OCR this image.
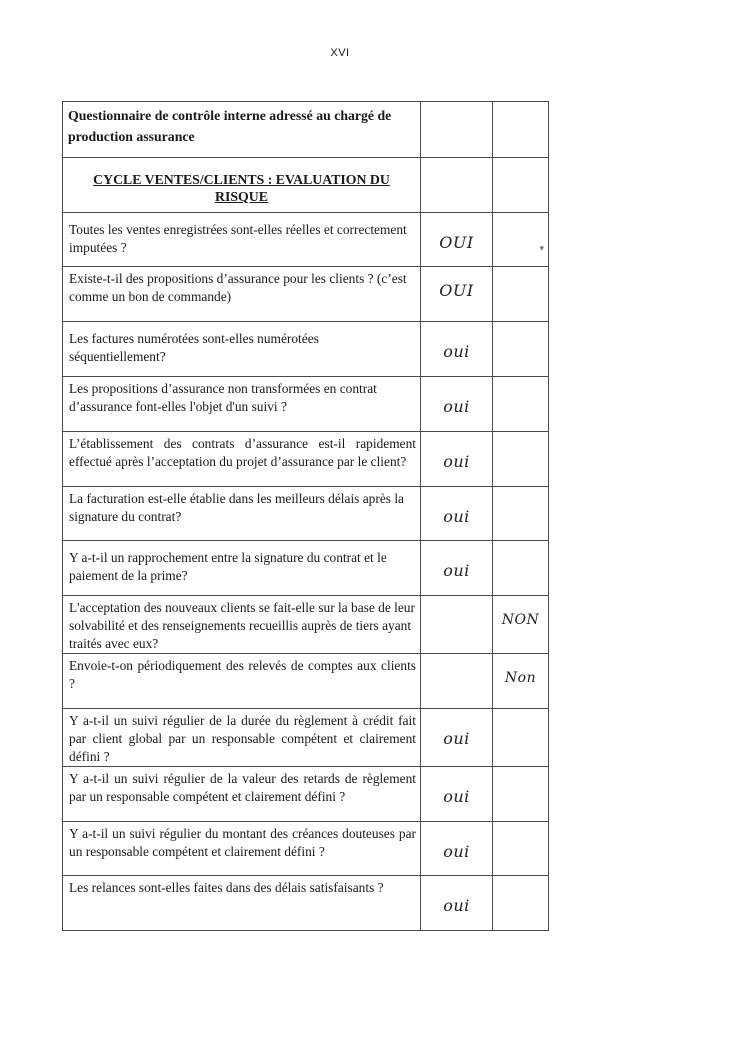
XVI
Questionnaire de contrôle interne adressé au chargé de production assurance		
CYCLE VENTES/CLIENTS : EVALUATION DU RISQUE		
Toutes les ventes enregistrées sont-elles réelles et correctement imputées ?	OUI	▾
Existe-t-il des propositions d’assurance pour les clients ? (c’est comme un bon de commande)	OUI	
Les factures numérotées sont-elles numérotées séquentiellement?	oui	
Les propositions d’assurance non transformées en contrat d’assurance font-elles l'objet d'un suivi ?	oui	
L’établissement des contrats d’assurance est-il rapidement effectué après l’acceptation du projet d’assurance par le client?	oui	
La facturation est-elle établie dans les meilleurs délais après la signature du contrat?	oui	
Y a-t-il un rapprochement entre la signature du contrat et le paiement de la prime?	oui	
L'acceptation des nouveaux clients se fait-elle sur la base de leur solvabilité et des renseignements recueillis auprès de tiers ayant traités avec eux?		NON
Envoie-t-on périodiquement des relevés de comptes aux clients ?		Non
Y a-t-il un suivi régulier de la durée du règlement à crédit fait par client global par un responsable compétent et clairement défini ?	oui	
Y a-t-il un suivi régulier de la valeur des retards de règlement par un responsable compétent et clairement défini ?	oui	
Y a-t-il un suivi régulier du montant des créances douteuses par un responsable compétent et clairement défini ?	oui	
Les relances sont-elles faites dans des délais satisfaisants ?	oui	
